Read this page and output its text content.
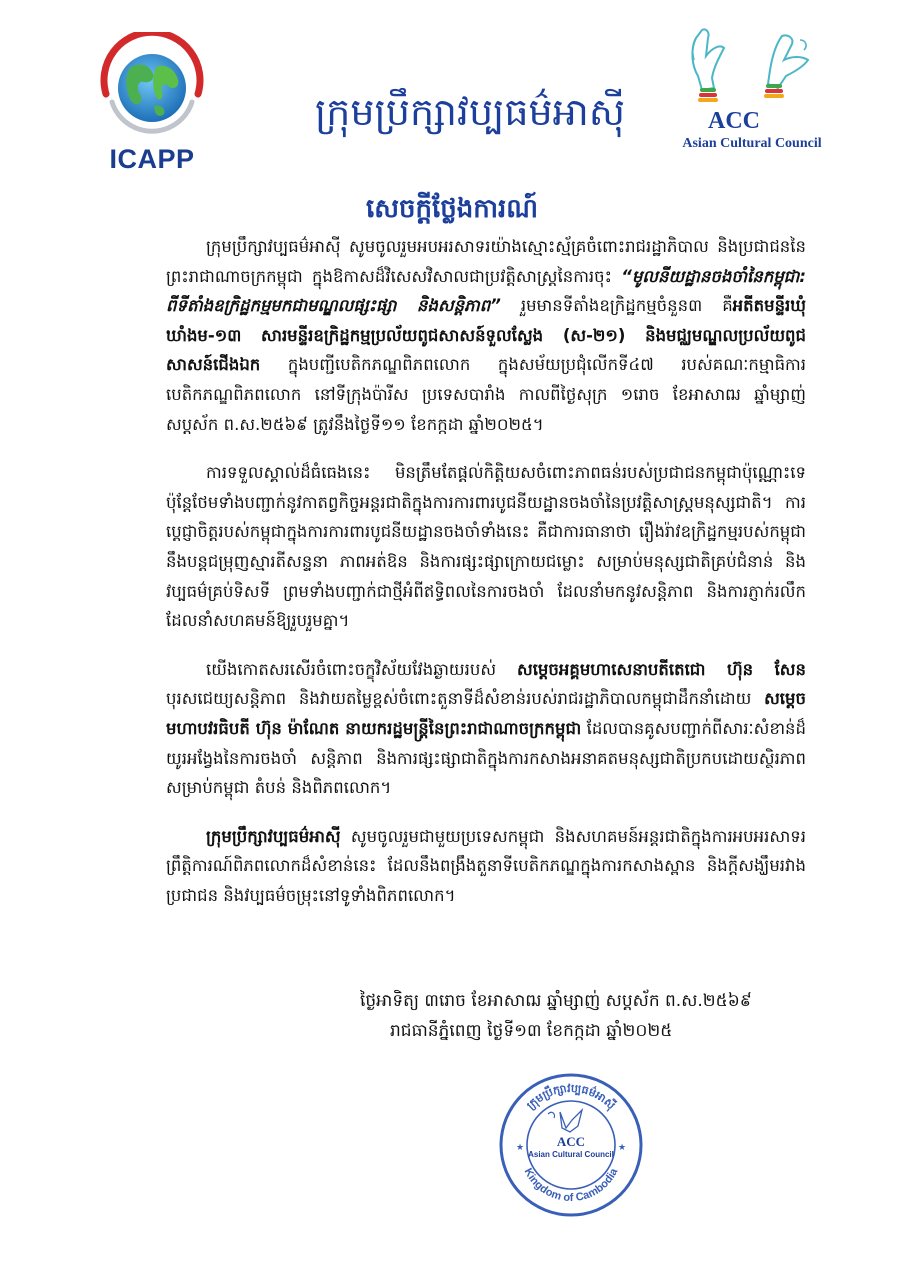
ICAPP
ក្រុមប្រឹក្សាវប្បធម៌អាស៊ី	ACC
Asian Cultural Council
សេចក្ដីថ្លែងការណ៍

ក្រុមប្រឹក្សាវប្បធម៌អាស៊ី សូមចូលរួមអបអរសាទរយ៉ាងស្មោះស្ម័គ្រចំពោះរាជរដ្ឋាភិបាល និងប្រជាជននៃព្រះរាជាណាចក្រកម្ពុជា ក្នុងឱកាសដ៏វិសេសវិសាលជាប្រវត្តិសាស្ត្រនៃការចុះ “មូលនីយដ្ឋានចងចាំនៃកម្ពុជា: ពីទីតាំងឧក្រិដ្ឋកម្មមកជាមណ្ឌលផ្សះផ្សា និងសន្តិភាព” រួមមានទីតាំងឧក្រិដ្ឋកម្មចំនួន៣ គឺអតីតមន្ទីរឃុំឃាំងម-១៣ សារមន្ទីរឧក្រិដ្ឋកម្មប្រល័យពូជសាសន៍ទួលស្លែង (ស-២១) និងមជ្ឈមណ្ឌលប្រល័យពូជសាសន៍ជើងឯក ក្នុងបញ្ជីបេតិកភណ្ឌពិភពលោក ក្នុងសម័យប្រជុំលើកទី៤៧ របស់គណៈកម្មាធិការបេតិកភណ្ឌពិភពលោក នៅទីក្រុងប៉ារីស ប្រទេសបារាំង កាលពីថ្ងៃសុក្រ ១រោច ខែអាសាឍ ឆ្នាំម្សាញ់ សប្តស័ក ព.ស.២៥៦៩ ត្រូវនឹងថ្ងៃទី១១ ខែកក្កដា ឆ្នាំ២០២៥។

ការទទួលស្គាល់ដ៏ធំធេងនេះ មិនត្រឹមតែផ្ដល់កិត្តិយសចំពោះភាពធន់របស់ប្រជាជនកម្ពុជាប៉ុណ្ណោះទេ ប៉ុន្តែថែមទាំងបញ្ជាក់នូវកាតព្វកិច្ចអន្តរជាតិក្នុងការការពារបូជនីយដ្ឋានចងចាំនៃប្រវត្តិសាស្ត្រមនុស្សជាតិ។ ការប្ដេជ្ញាចិត្តរបស់កម្ពុជាក្នុងការការពារបូជនីយដ្ឋានចងចាំទាំងនេះ គឺជាការធានាថា រឿងរ៉ាវឧក្រិដ្ឋកម្មរបស់កម្ពុជា នឹងបន្តជម្រុញស្មារតីសន្ទនា ភាពអត់ឱន និងការផ្សះផ្សាក្រោយជម្លោះ សម្រាប់មនុស្សជាតិគ្រប់ជំនាន់ និងវប្បធម៌គ្រប់ទិសទី ព្រមទាំងបញ្ជាក់ជាថ្មីអំពីឥទ្ធិពលនៃការចងចាំ ដែលនាំមកនូវសន្តិភាព និងការភ្ញាក់រលឹក ដែលនាំសហគមន៍ឱ្យរួបរួមគ្នា។

យើងកោតសរសើរចំពោះចក្ខុវិស័យវែងឆ្ងាយរបស់ សម្តេចអគ្គមហាសេនាបតីតេជោ ហ៊ុន សែន បុរសជេយ្យសន្តិភាព និងវាយតម្លៃខ្ពស់ចំពោះតួនាទីដ៏សំខាន់របស់រាជរដ្ឋាភិបាលកម្ពុជាដឹកនាំដោយ សម្តេចមហាបវរធិបតី ហ៊ុន ម៉ាណែត នាយករដ្ឋមន្ត្រីនៃព្រះរាជាណាចក្រកម្ពុជា ដែលបានគូសបញ្ជាក់ពីសារៈសំខាន់ដ៏យូរអង្វែងនៃការចងចាំ សន្តិភាព និងការផ្សះផ្សាជាតិក្នុងការកសាងអនាគតមនុស្សជាតិប្រកបដោយស្ថិរភាពសម្រាប់កម្ពុជា តំបន់ និងពិភពលោក។

ក្រុមប្រឹក្សាវប្បធម៌អាស៊ី សូមចូលរួមជាមួយប្រទេសកម្ពុជា និងសហគមន៍អន្តរជាតិក្នុងការអបអរសាទរព្រឹត្តិការណ៍ពិភពលោកដ៏សំខាន់នេះ ដែលនឹងពង្រឹងតួនាទីបេតិកភណ្ឌក្នុងការកសាងស្ពាន និងក្ដីសង្ឃឹមរវាងប្រជាជន និងវប្បធម៌ចម្រុះនៅទូទាំងពិភពលោក។

ថ្ងៃអាទិត្យ ៣រោច ខែអាសាឍ ឆ្នាំម្សាញ់ សប្តស័ក ព.ស.២៥៦៩
រាជធានីភ្នំពេញ ថ្ងៃទី១៣ ខែកក្កដា ឆ្នាំ២០២៥
ក្រុមប្រឹក្សាវប្បធម៌អាស៊ី
Kingdom of Cambodia
★	★
ACC
Asian Cultural Council
